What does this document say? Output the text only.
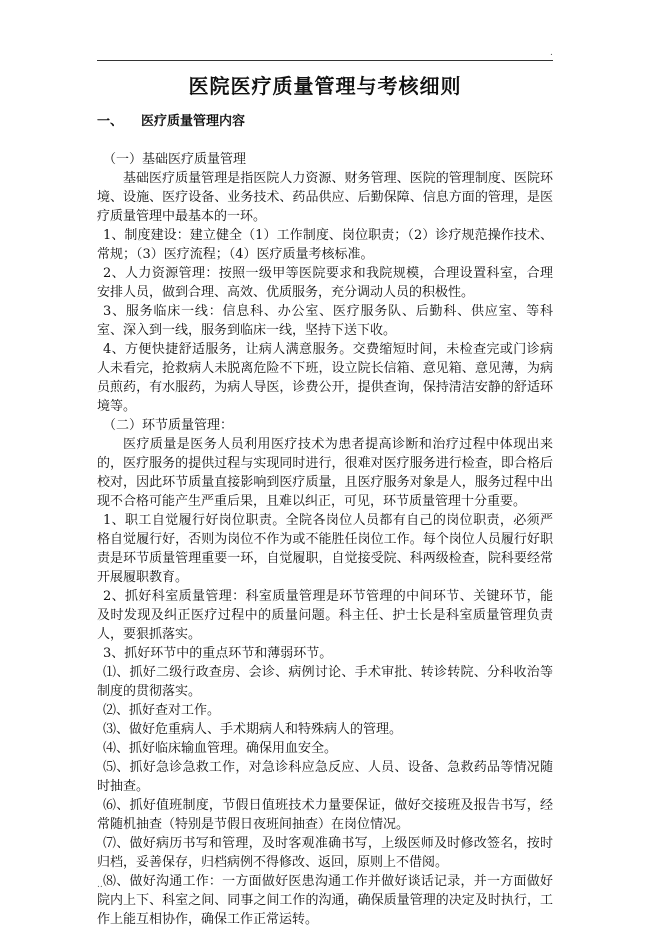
.
医院医疗质量管理与考核细则
一、 医疗质量管理内容

（一）基础医疗质量管理

基础医疗质量管理是指医院人力资源、财务管理、医院的管理制度、医院环境、设施、医疗设备、业务技术、药品供应、后勤保障、信息方面的管理，是医疗质量管理中最基本的一环。

1、制度建设：建立健全（1）工作制度、岗位职责；（2）诊疗规范操作技术、常规；（3）医疗流程；（4）医疗质量考核标准。

2、人力资源管理：按照一级甲等医院要求和我院规模，合理设置科室，合理安排人员，做到合理、高效、优质服务，充分调动人员的积极性。

3、服务临床一线：信息科、办公室、医疗服务队、后勤科、供应室、等科室、深入到一线，服务到临床一线，坚持下送下收。

4、方便快捷舒适服务，让病人满意服务。交费缩短时间，未检查完或门诊病人未看完，抢救病人未脱离危险不下班，设立院长信箱、意见箱、意见薄，为病员煎药，有水服药，为病人导医，诊费公开，提供查询，保持清洁安静的舒适环境等。

（二）环节质量管理：

医疗质量是医务人员利用医疗技术为患者提高诊断和治疗过程中体现出来的，医疗服务的提供过程与实现同时进行，很难对医疗服务进行检查，即合格后校对，因此环节质量直接影响到医疗质量，且医疗服务对象是人，服务过程中出现不合格可能产生严重后果，且难以纠正，可见，环节质量管理十分重要。

1、职工自觉履行好岗位职责。全院各岗位人员都有自己的岗位职责，必须严格自觉履行好，否则为岗位不作为或不能胜任岗位工作。每个岗位人员履行好职责是环节质量管理重要一环，自觉履职，自觉接受院、科两级检查，院科要经常开展履职教育。

2、抓好科室质量管理：科室质量管理是环节管理的中间环节、关键环节，能及时发现及纠正医疗过程中的质量问题。科主任、护士长是科室质量管理负责人，要狠抓落实。

3、抓好环节中的重点环节和薄弱环节。

⑴、抓好二级行政查房、会诊、病例讨论、手术审批、转诊转院、分科收治等制度的贯彻落实。

⑵、抓好查对工作。

⑶、做好危重病人、手术期病人和特殊病人的管理。

⑷、抓好临床输血管理。确保用血安全。

⑸、抓好急诊急救工作，对急诊科应急反应、人员、设备、急救药品等情况随时抽查。

⑹、抓好值班制度，节假日值班技术力量要保证，做好交接班及报告书写，经常随机抽查（特别是节假日夜班间抽查）在岗位情况。

⑺、做好病历书写和管理，及时客观准确书写，上级医师及时修改签名，按时归档，妥善保存，归档病例不得修改、返回，原则上不借阅。

⑻、做好沟通工作：一方面做好医患沟通工作并做好谈话记录，并一方面做好院内上下、科室之间、同事之间工作的沟通，确保质量管理的决定及时执行，工作上能互相协作，确保工作正常运转。

..
